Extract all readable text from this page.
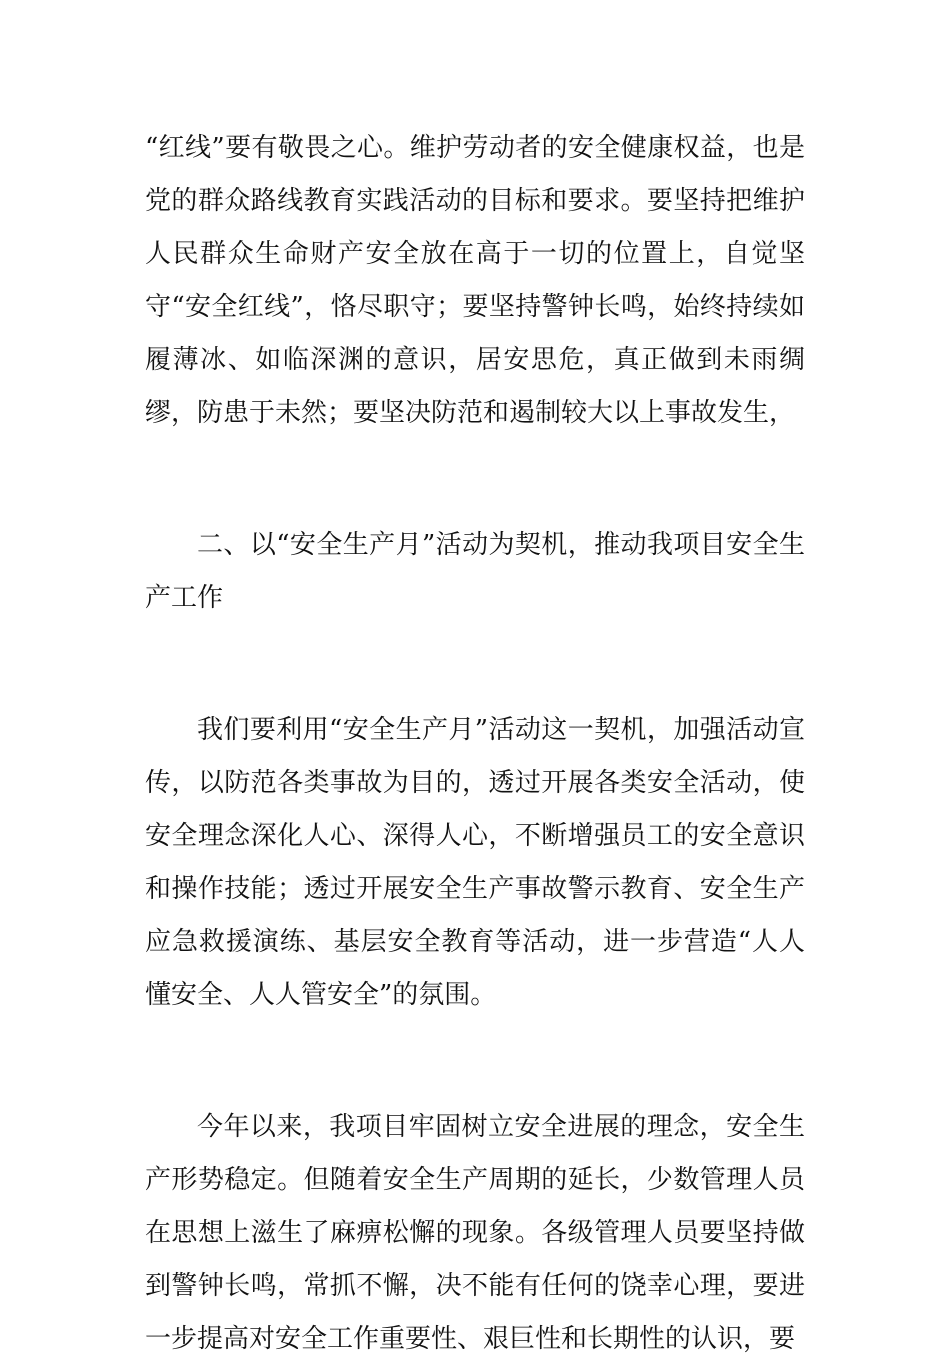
“红线”要有敬畏之心。维护劳动者的安全健康权益，也是党的群众路线教育实践活动的目标和要求。要坚持把维护人民群众生命财产安全放在高于一切的位置上，自觉坚守“安全红线”，恪尽职守；要坚持警钟长鸣，始终持续如履薄冰、如临深渊的意识，居安思危，真正做到未雨绸缪，防患于未然；要坚决防范和遏制较大以上事故发生，

二、以“安全生产月”活动为契机，推动我项目安全生产工作

我们要利用“安全生产月”活动这一契机，加强活动宣传，以防范各类事故为目的，透过开展各类安全活动，使安全理念深化人心、深得人心，不断增强员工的安全意识和操作技能；透过开展安全生产事故警示教育、安全生产应急救援演练、基层安全教育等活动，进一步营造“人人懂安全、人人管安全”的氛围。

今年以来，我项目牢固树立安全进展的理念，安全生产形势稳定。但随着安全生产周期的延长，少数管理人员在思想上滋生了麻痹松懈的现象。各级管理人员要坚持做到警钟长鸣，常抓不懈，决不能有任何的饶幸心理，要进一步提高对安全工作重要性、艰巨性和长期性的认识，要
